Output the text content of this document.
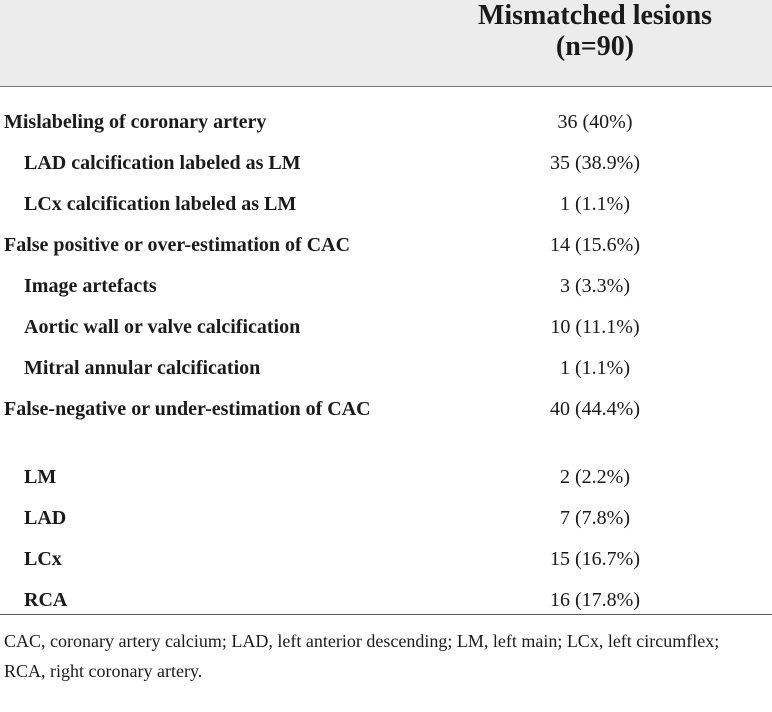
Mismatched lesions
(n=90)
Mislabeling of coronary artery	36 (40%)
LAD calcification labeled as LM	35 (38.9%)
LCx calcification labeled as LM	1 (1.1%)
False positive or over-estimation of CAC	14 (15.6%)
Image artefacts	3 (3.3%)
Aortic wall or valve calcification	10 (11.1%)
Mitral annular calcification	1 (1.1%)
False-negative or under-estimation of CAC	40 (44.4%)
LM	2 (2.2%)
LAD	7 (7.8%)
LCx	15 (16.7%)
RCA	16 (17.8%)
CAC, coronary artery calcium; LAD, left anterior descending; LM, left main; LCx, left circumflex; RCA, right coronary artery.
